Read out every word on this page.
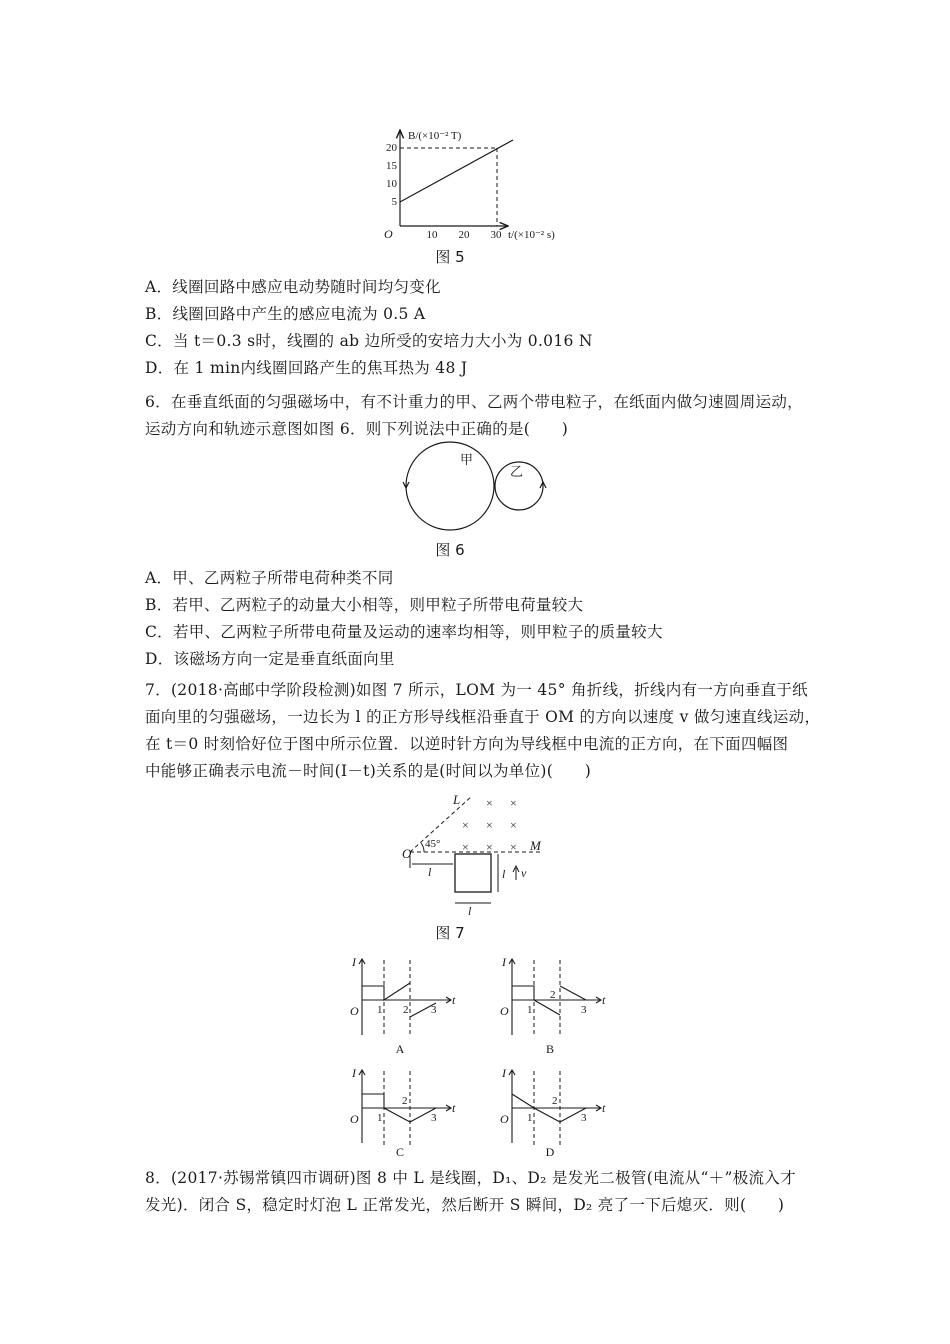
B/(×10⁻² T)
O
5
10
15
20
10 20 30 t/(×10⁻² s)
图 5
A．线圈回路中感应电动势随时间均匀变化
B．线圈回路中产生的感应电流为 0.5 A
C．当 t＝0.3 s时，线圈的 ab 边所受的安培力大小为 0.016 N
D．在 1 min内线圈回路产生的焦耳热为 48 J
6．在垂直纸面的匀强磁场中，有不计重力的甲、乙两个带电粒子，在纸面内做匀速圆周运动，
运动方向和轨迹示意图如图 6．则下列说法中正确的是(　　)
甲
乙
图 6
A．甲、乙两粒子所带电荷种类不同
B．若甲、乙两粒子的动量大小相等，则甲粒子所带电荷量较大
C．若甲、乙两粒子所带电荷量及运动的速率均相等，则甲粒子的质量较大
D．该磁场方向一定是垂直纸面向里
7．(2018·高邮中学阶段检测)如图 7 所示，LOM 为一 45° 角折线，折线内有一方向垂直于纸
面向里的匀强磁场，一边长为 l 的正方形导线框沿垂直于 OM 的方向以速度 v 做匀速直线运动，
在 t＝0 时刻恰好位于图中所示位置．以逆时针方向为导线框中电流的正方向，在下面四幅图
中能够正确表示电流－时间(I－t)关系的是(时间以为单位)(　　)
L
O
M
45°
× ×
× × ×
× × ×
l
l
l v
图 7
I
O
t
1 2 3
A
I
O
t
1
2
3
B
I
O
t
1
2
3
C
I
O
t
1
2
3
D
8．(2017·苏锡常镇四市调研)图 8 中 L 是线圈，D₁、D₂ 是发光二极管(电流从“＋”极流入才
发光)．闭合 S，稳定时灯泡 L 正常发光，然后断开 S 瞬间，D₂ 亮了一下后熄灭．则(　　)
